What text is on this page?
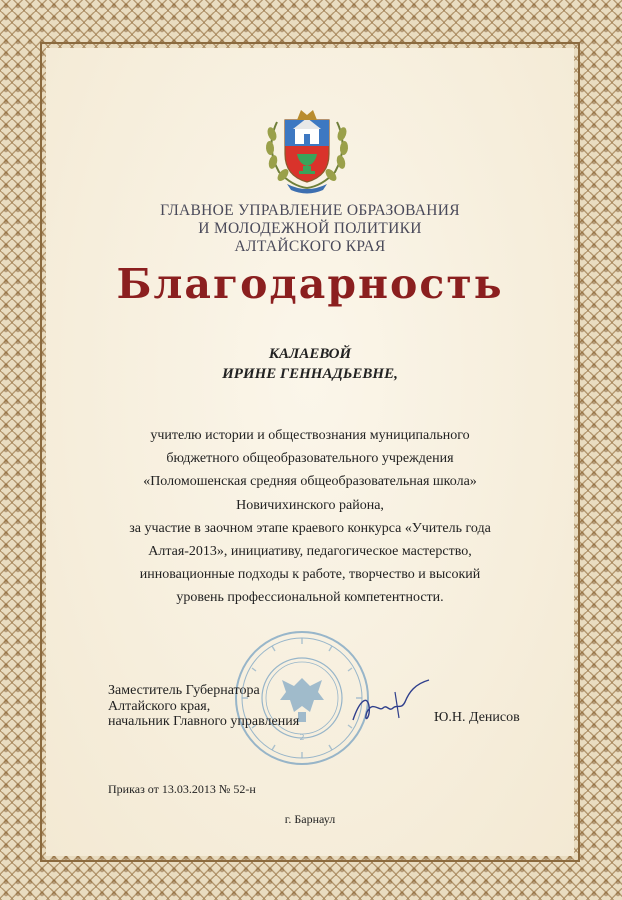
ГЛАВНОЕ УПРАВЛЕНИЕ ОБРАЗОВАНИЯ
И МОЛОДЕЖНОЙ ПОЛИТИКИ
АЛТАЙСКОГО КРАЯ
Благодарность
КАЛАЕВОЙ
ИРИНЕ ГЕННАДЬЕВНЕ,
учителю истории и обществознания муниципального
бюджетного общеобразовательного учреждения
«Поломошенская средняя общеобразовательная школа»
Новичихинского района,
за участие в заочном этапе краевого конкурса «Учитель года
Алтая-2013», инициативу, педагогическое мастерство,
инновационные подходы к работе, творчество и высокий
уровень профессиональной компетентности.
2
Заместитель Губернатора
Алтайского края,
начальник Главного управления	Ю.Н. Денисов
Приказ от 13.03.2013 № 52-н
г. Барнаул
